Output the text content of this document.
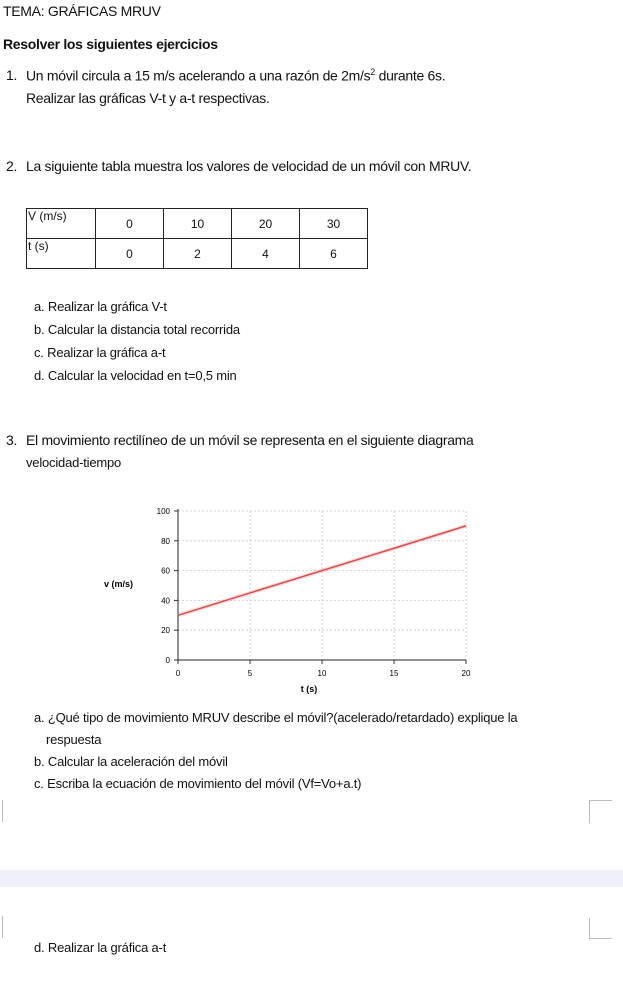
TEMA: GRÁFICAS MRUV
Resolver los siguientes ejercicios
1. Un móvil circula a 15 m/s acelerando a una razón de $2m/s^2$ durante 6s.
Realizar las gráficas V-t y a-t respectivas.
2. La siguiente tabla muestra los valores de velocidad de un móvil con MRUV.
V (m/s)	0	10	20	30
t (s)	0	2	4	6
a. Realizar la gráfica V-t
b. Calcular la distancia total recorrida
c. Realizar la gráfica a-t
d. Calcular la velocidad en t=0,5 min
3. El movimiento rectilíneo de un móvil se representa en el siguiente diagrama
velocidad-tiempo
0
20
40
60
80
100
0	5	10	15	20
v (m/s)
t (s)
a. ¿Qué tipo de movimiento MRUV describe el móvil?(acelerado/retardado) explique la
respuesta
b. Calcular la aceleración del móvil
c. Escriba la ecuación de movimiento del móvil (Vf=Vo+a.t)
d. Realizar la gráfica a-t
